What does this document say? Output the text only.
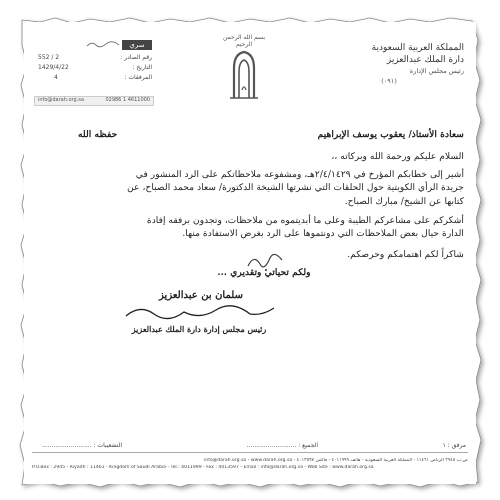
سري
رقم الصادر :
552 / 2
التاريخ :
1429/4/22
المرفقات :
4
info@darah.org.sa	02986 1 4611000
بسم الله الرحمن الرحيم	المملكة العربية السعودية
دارة الملك عبدالعزيز
رئيس مجلس الإدارة
(٠٩١)
سعادة الأستاذ/ يعقوب يوسف الإبراهيم
حفظه الله
السلام عليكم ورحمة الله وبركاته ،،
أشير إلى خطابكم المؤرخ في ٢/٤/١٤٢٩هـ، ومشفوعه ملاحظاتكم على الرد المنشور في
جريدة الرأي الكويتية حول الحلقات التي نشرتها الشيخة الدكتورة/ سعاد محمد الصباح، عن
كتابها عن الشيخ/ مبارك الصباح.
أشكركم على مشاعركم الطيبة وعلى ما أبديتموه من ملاحظات، وتجدون برفقه إفادة
الدارة حيال بعض الملاحظات التي دونتموها على الرد بغرض الاستفادة منها.
شاكراً لكم اهتمامكم وحرصكم.
ولكم تحياتي وتقديري ...
سلمان بن عبدالعزيز
رئيس مجلس إدارة دارة الملك عبدالعزيز
مرفق : ١
الجميع : ..........................
التشعيبات : ..........................
ص.ب ٢٩٤٥ الرياض ١١٤٦١ - المملكة العربية السعودية - هاتف ٤٠١١٩٩٩ - فاكس ٤٠١٣٥٩٧ - info@darah.org.sa - www.darah.org.sa
P.O.Box : 2945 - Riyadh : 11461 - Kingdom of Saudi Arabia - Tel.: 4011999 - Fax : 4013597 - Email : info@darah.org.sa - Web Site : www.darah.org.sa
